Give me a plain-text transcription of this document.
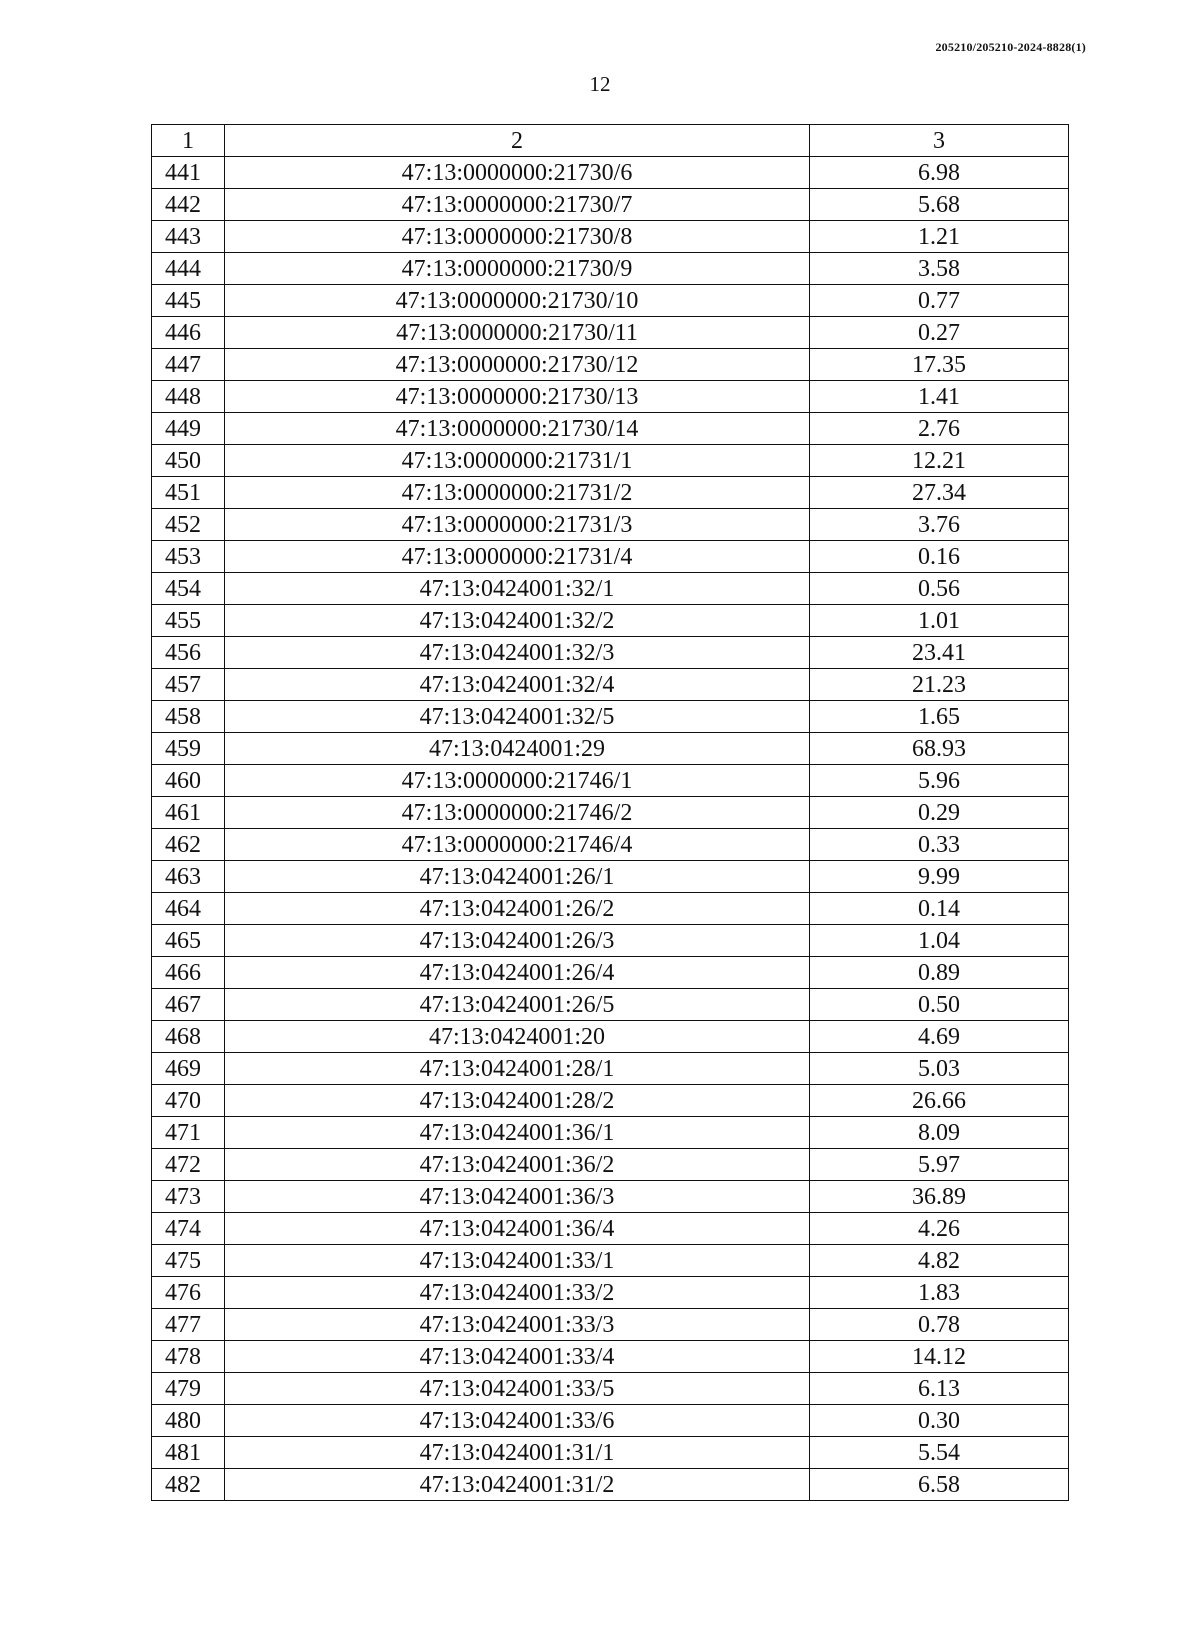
205210/205210-2024-8828(1)
12
1	2	3
441	47:13:0000000:21730/6	6.98
442	47:13:0000000:21730/7	5.68
443	47:13:0000000:21730/8	1.21
444	47:13:0000000:21730/9	3.58
445	47:13:0000000:21730/10	0.77
446	47:13:0000000:21730/11	0.27
447	47:13:0000000:21730/12	17.35
448	47:13:0000000:21730/13	1.41
449	47:13:0000000:21730/14	2.76
450	47:13:0000000:21731/1	12.21
451	47:13:0000000:21731/2	27.34
452	47:13:0000000:21731/3	3.76
453	47:13:0000000:21731/4	0.16
454	47:13:0424001:32/1	0.56
455	47:13:0424001:32/2	1.01
456	47:13:0424001:32/3	23.41
457	47:13:0424001:32/4	21.23
458	47:13:0424001:32/5	1.65
459	47:13:0424001:29	68.93
460	47:13:0000000:21746/1	5.96
461	47:13:0000000:21746/2	0.29
462	47:13:0000000:21746/4	0.33
463	47:13:0424001:26/1	9.99
464	47:13:0424001:26/2	0.14
465	47:13:0424001:26/3	1.04
466	47:13:0424001:26/4	0.89
467	47:13:0424001:26/5	0.50
468	47:13:0424001:20	4.69
469	47:13:0424001:28/1	5.03
470	47:13:0424001:28/2	26.66
471	47:13:0424001:36/1	8.09
472	47:13:0424001:36/2	5.97
473	47:13:0424001:36/3	36.89
474	47:13:0424001:36/4	4.26
475	47:13:0424001:33/1	4.82
476	47:13:0424001:33/2	1.83
477	47:13:0424001:33/3	0.78
478	47:13:0424001:33/4	14.12
479	47:13:0424001:33/5	6.13
480	47:13:0424001:33/6	0.30
481	47:13:0424001:31/1	5.54
482	47:13:0424001:31/2	6.58
